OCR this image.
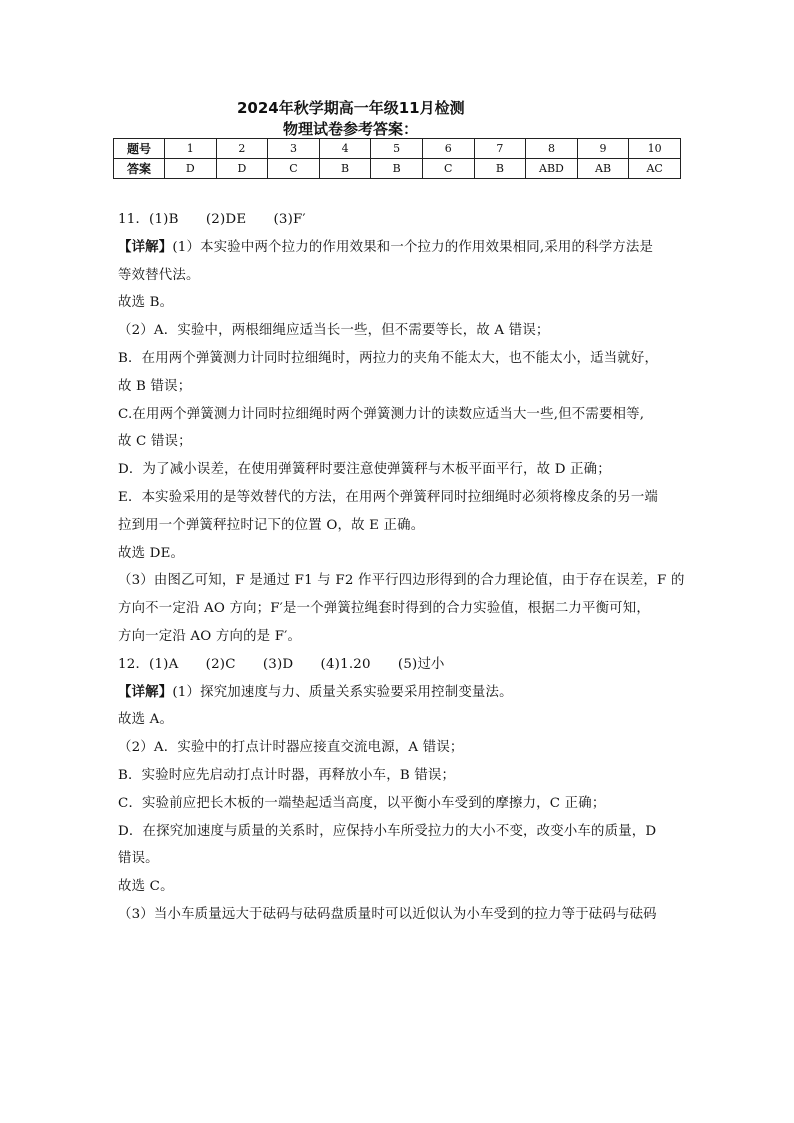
2024年秋学期高一年级11月检测
物理试卷参考答案：
题号	1	2	3	4	5	6	7	8	9	10
答案	D	D	C	B	B	C	B	ABD	AB	AC
11．(1)B　　(2)DE　　(3)F′
【详解】(1）本实验中两个拉力的作用效果和一个拉力的作用效果相同,采用的科学方法是
等效替代法。
故选 B。
（2）A．实验中，两根细绳应适当长一些，但不需要等长，故 A 错误；
B．在用两个弹簧测力计同时拉细绳时，两拉力的夹角不能太大，也不能太小，适当就好，
故 B 错误；
C.在用两个弹簧测力计同时拉细绳时两个弹簧测力计的读数应适当大一些,但不需要相等,
故 C 错误；
D．为了减小误差，在使用弹簧秤时要注意使弹簧秤与木板平面平行，故 D 正确；
E．本实验采用的是等效替代的方法，在用两个弹簧秤同时拉细绳时必须将橡皮条的另一端
拉到用一个弹簧秤拉时记下的位置 O，故 E 正确。
故选 DE。
（3）由图乙可知，F 是通过 F1 与 F2 作平行四边形得到的合力理论值，由于存在误差，F 的
方向不一定沿 AO 方向；F′是一个弹簧拉绳套时得到的合力实验值，根据二力平衡可知，
方向一定沿 AO 方向的是 F′。
12．(1)A　　(2)C　　(3)D　　(4)1.20　　(5)过小
【详解】(1）探究加速度与力、质量关系实验要采用控制变量法。
故选 A。
（2）A．实验中的打点计时器应接直交流电源，A 错误；
B．实验时应先启动打点计时器，再释放小车，B 错误；
C．实验前应把长木板的一端垫起适当高度，以平衡小车受到的摩擦力，C 正确；
D．在探究加速度与质量的关系时，应保持小车所受拉力的大小不变，改变小车的质量，D
错误。
故选 C。
（3）当小车质量远大于砝码与砝码盘质量时可以近似认为小车受到的拉力等于砝码与砝码
